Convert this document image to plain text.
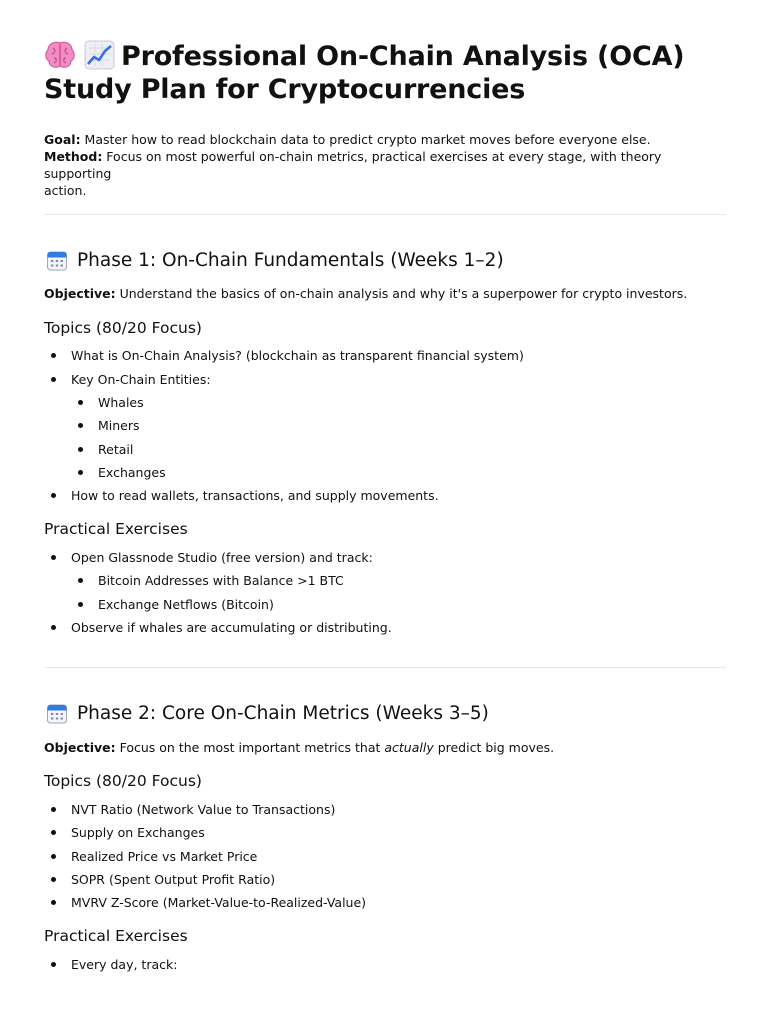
Professional On-Chain Analysis (OCA)
Study Plan for Cryptocurrencies

Goal: Master how to read blockchain data to predict crypto market moves before everyone else.

Method: Focus on most powerful on-chain metrics, practical exercises at every stage, with theory supporting
action.

Phase 1: On-Chain Fundamentals (Weeks 1–2)
Objective: Understand the basics of on-chain analysis and why it's a superpower for crypto investors.
Topics (80/20 Focus)
What is On-Chain Analysis? (blockchain as transparent financial system)
Key On-Chain Entities:
Whales
Miners
Retail
Exchanges
How to read wallets, transactions, and supply movements.
Practical Exercises
Open Glassnode Studio (free version) and track:
Bitcoin Addresses with Balance >1 BTC
Exchange Netflows (Bitcoin)
Observe if whales are accumulating or distributing.
Phase 2: Core On-Chain Metrics (Weeks 3–5)
Objective: Focus on the most important metrics that actually predict big moves.
Topics (80/20 Focus)
NVT Ratio (Network Value to Transactions)
Supply on Exchanges
Realized Price vs Market Price
SOPR (Spent Output Profit Ratio)
MVRV Z-Score (Market-Value-to-Realized-Value)
Practical Exercises
Every day, track:
